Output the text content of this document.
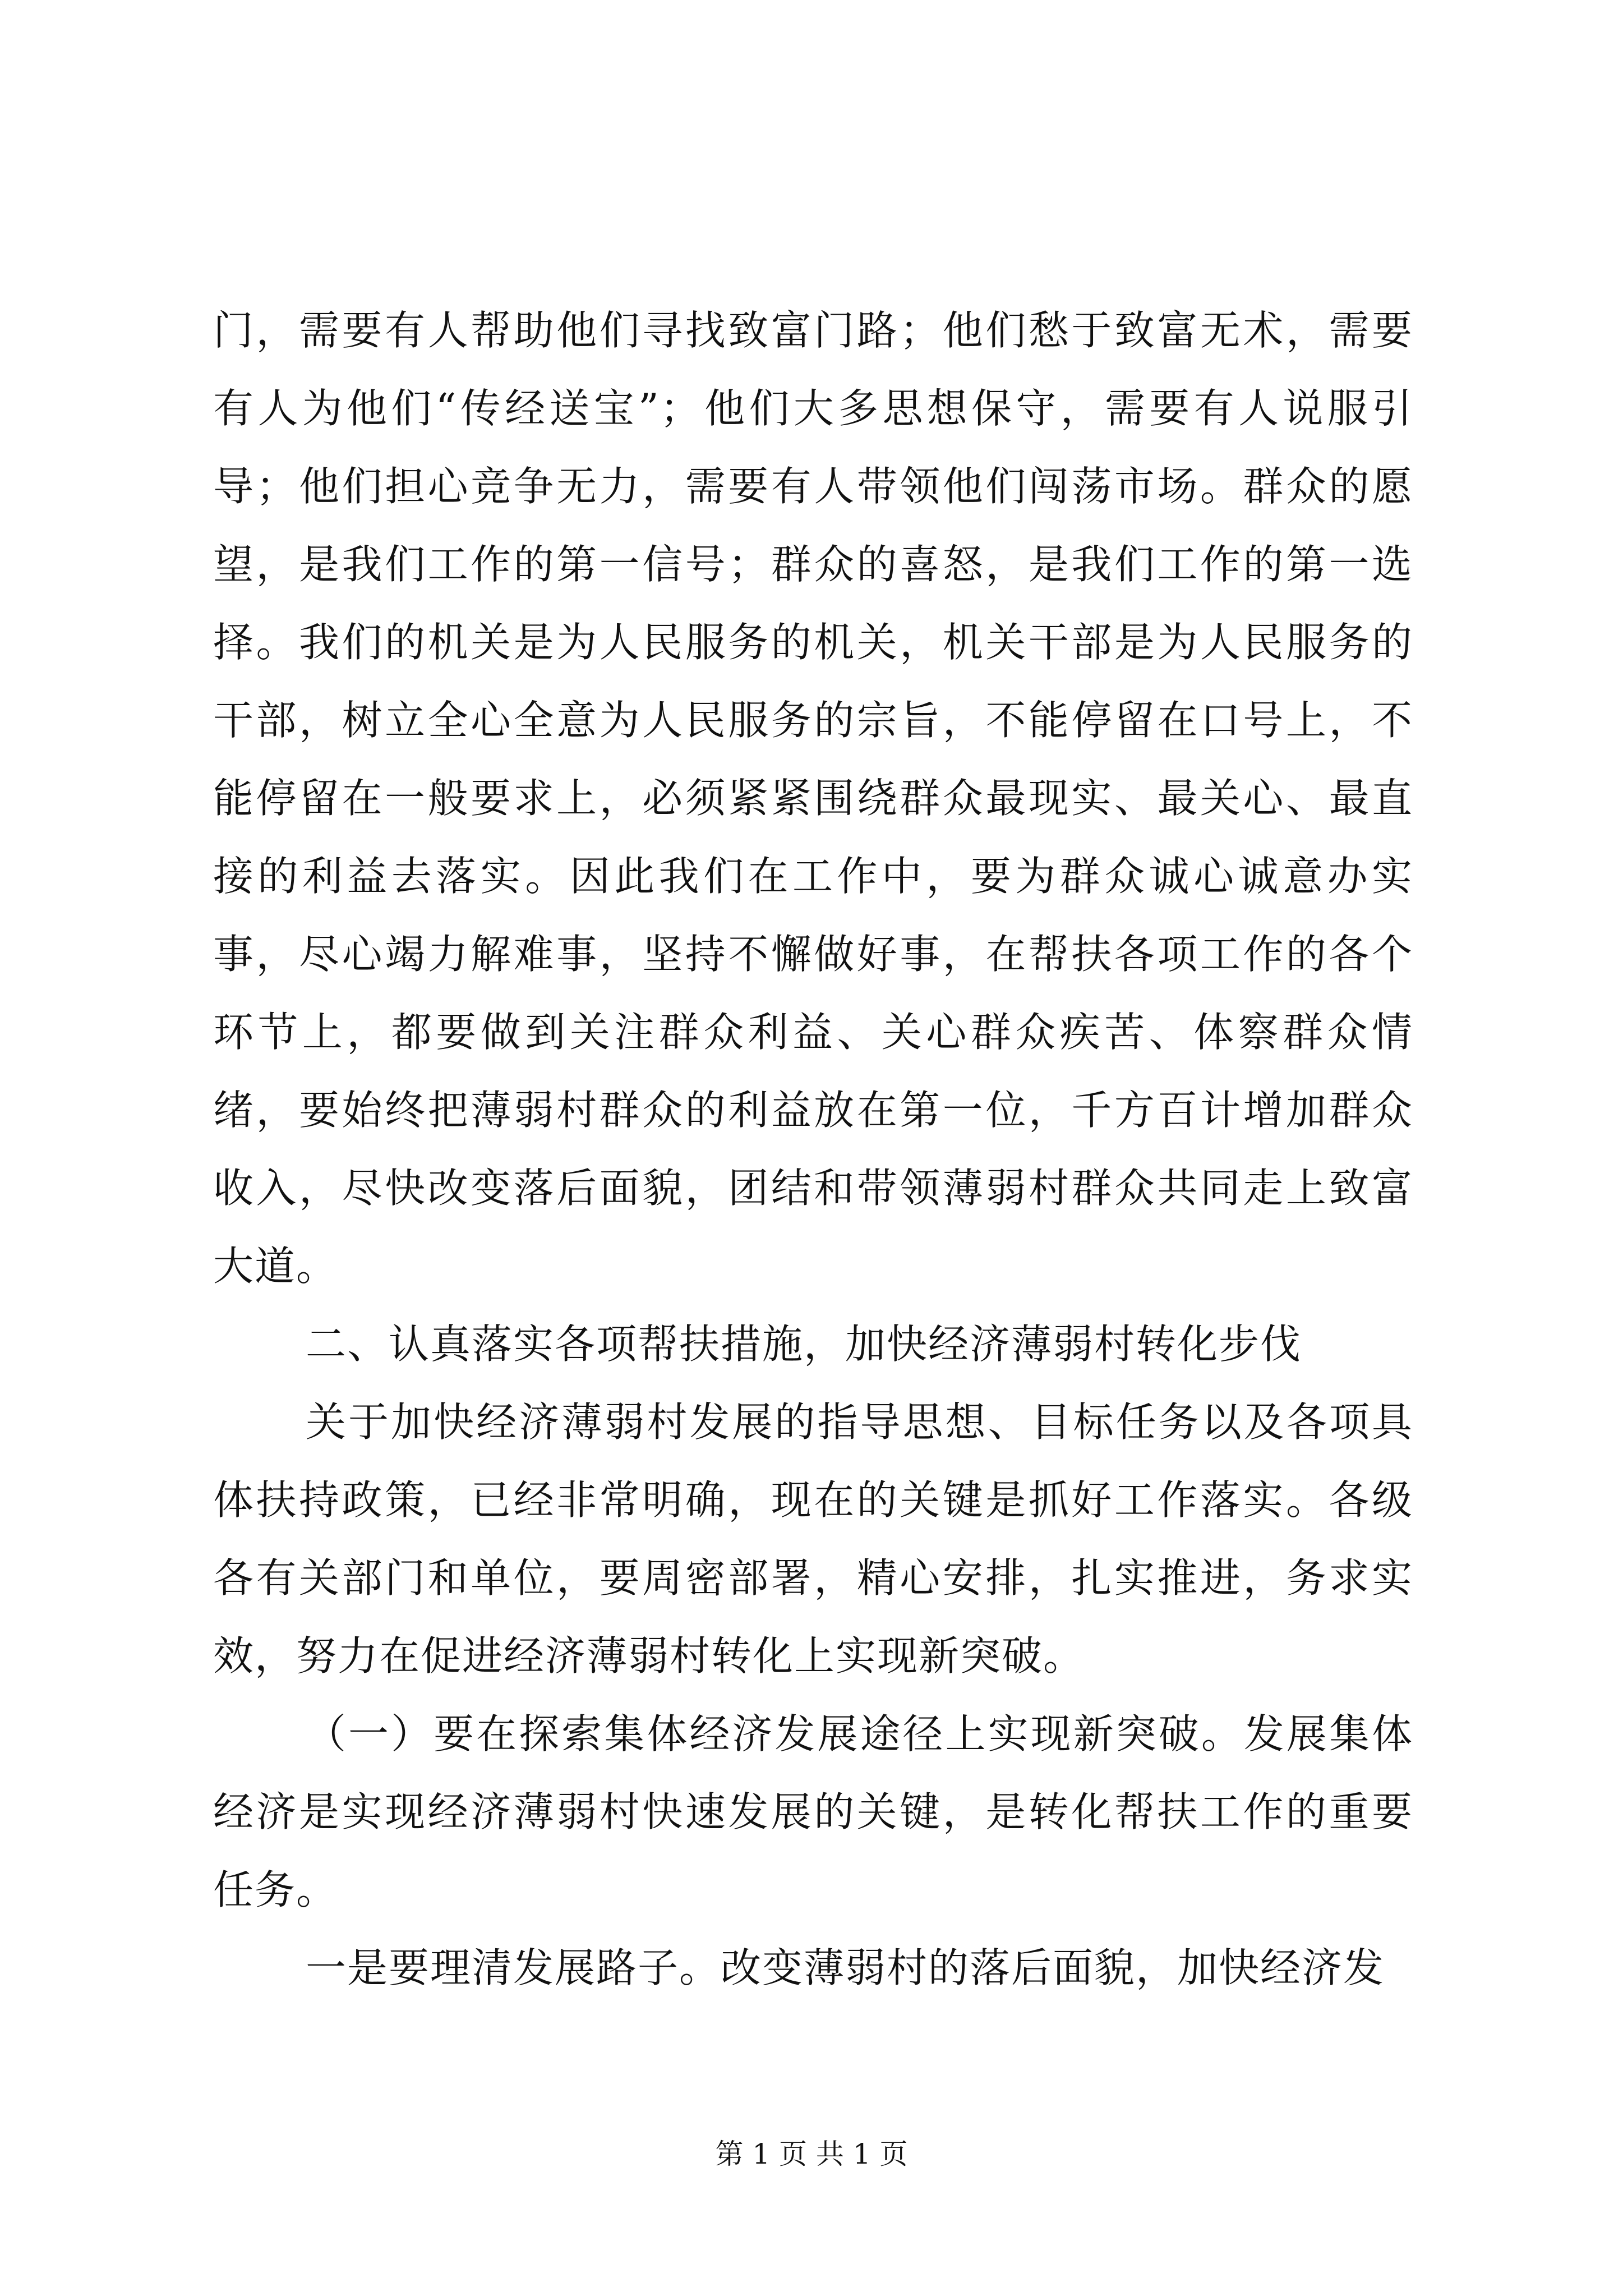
门，需要有人帮助他们寻找致富门路；他们愁于致富无术，需要有人为他们“传经送宝”；他们大多思想保守，需要有人说服引导；他们担心竞争无力，需要有人带领他们闯荡市场。群众的愿望，是我们工作的第一信号；群众的喜怒，是我们工作的第一选择。我们的机关是为人民服务的机关，机关干部是为人民服务的干部，树立全心全意为人民服务的宗旨，不能停留在口号上，不能停留在一般要求上，必须紧紧围绕群众最现实、最关心、最直接的利益去落实。因此我们在工作中，要为群众诚心诚意办实事，尽心竭力解难事，坚持不懈做好事，在帮扶各项工作的各个环节上，都要做到关注群众利益、关心群众疾苦、体察群众情绪，要始终把薄弱村群众的利益放在第一位，千方百计增加群众收入，尽快改变落后面貌，团结和带领薄弱村群众共同走上致富大道。

二、认真落实各项帮扶措施，加快经济薄弱村转化步伐

关于加快经济薄弱村发展的指导思想、目标任务以及各项具体扶持政策，已经非常明确，现在的关键是抓好工作落实。各级各有关部门和单位，要周密部署，精心安排，扎实推进，务求实效，努力在促进经济薄弱村转化上实现新突破。

（一）要在探索集体经济发展途径上实现新突破。发展集体经济是实现经济薄弱村快速发展的关键，是转化帮扶工作的重要任务。

一是要理清发展路子。改变薄弱村的落后面貌，加快经济发

第 1 页 共 1 页
